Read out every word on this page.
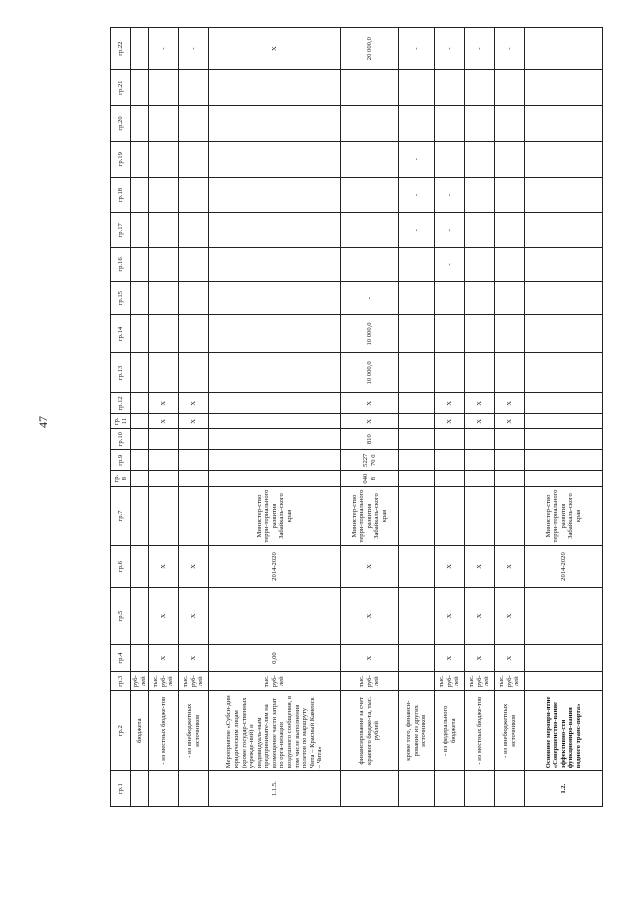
47
гр.1	гр.2	гр.3	гр.4	гр.5	гр.6	гр.7	гр.8	гр.9	гр.10	гр.11	гр.12	гр.13	гр.14	гр.15	гр.16	гр.17	гр.18	гр.19	гр.20	гр.21	гр.22
	бюджета	руб-лей																			
	- из местных бюдже-тов	тыс. руб-лей	X	X	X					X	X										-
	- из внебюджетных источников	тыс. руб-лей	X	X	X					X	X										-
1.1.5.	Мероприятие «Субси-дии юридическим лицам (кроме государ-ственных учрежде-ний) и индивидуаль-ным предпринимате-лям на возмещение части затрат по орга-низации воздушного сообщения, в том числе выполнения полетов по маршруту Чита – Красный Каменск – Чита»	тыс. руб-лей	0,00		2014-2020	Министер-ство терри-ториального развития Забайкаль-ского края															X
	финансирование за счет краевого бюдже-та, тыс. рублей	тыс. руб-лей	X	X	X	Министер-ство терри-ториального развития Забайкаль-ского края	0408	522770 0	810	X	X	10 000,0	10 000,0	-							20 000,0
	кроме того, финанси-рование из других источников															-	-	-			-
	- из федерального бюджета	тыс. руб-лей	X	X	X					X	X				-	-	-				-
	- из местных бюдже-тов	тыс. руб-лей	X	X	X					X	X										-
	- из внебюджетных источников	тыс. руб-лей	X	X	X					X	X										-
1.2.	Основное меропри-ятие «Совершенство-вание эффективно-сти функциониро-вания водного транс-порта»				2014-2020	Министер-ство терри-ториального развития Забайкаль-ского края															
